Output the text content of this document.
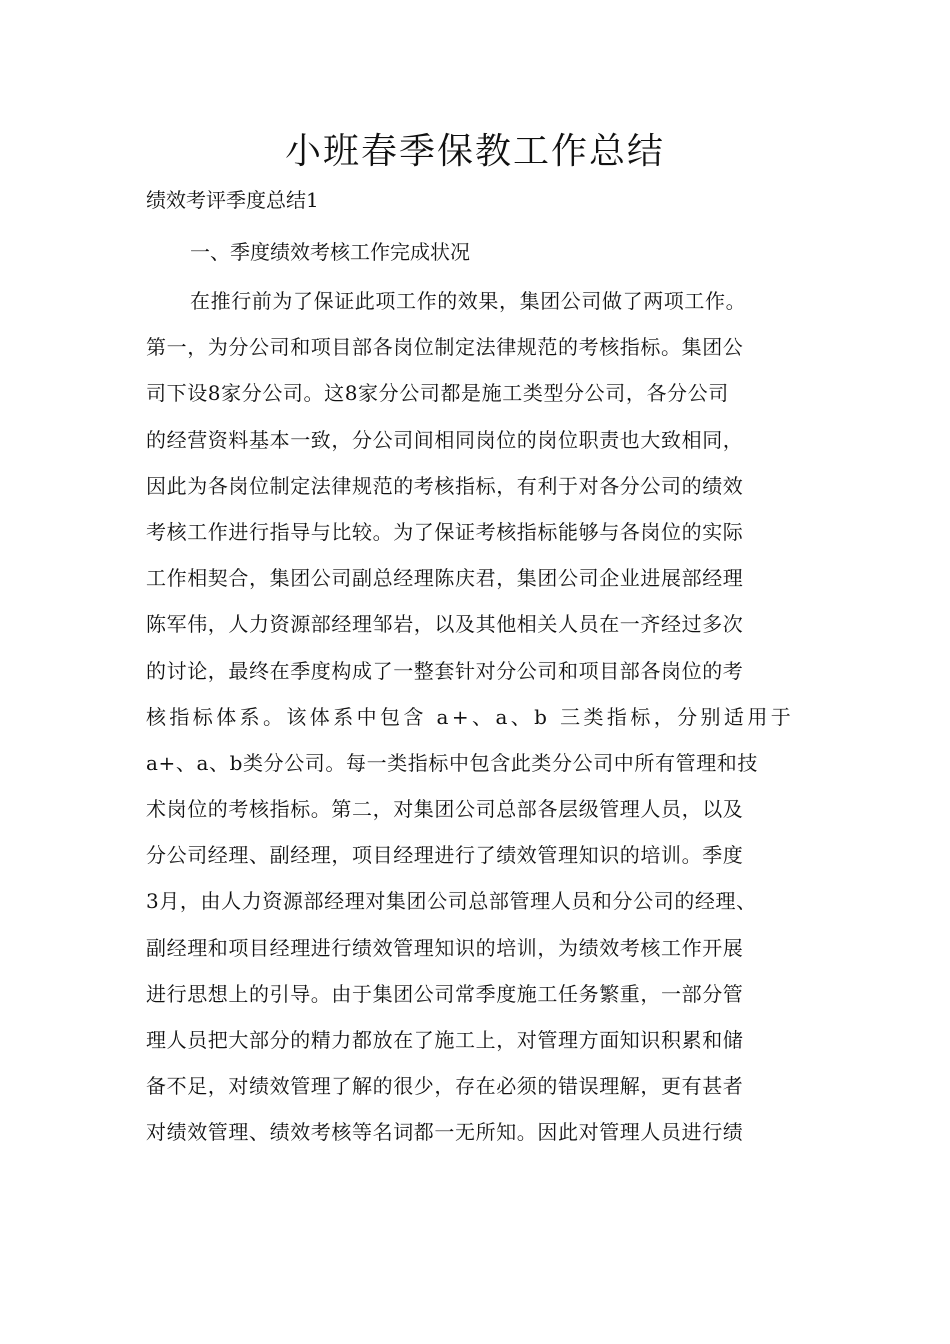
小班春季保教工作总结
绩效考评季度总结1
一、季度绩效考核工作完成状况
在推行前为了保证此项工作的效果，集团公司做了两项工作。
第一，为分公司和项目部各岗位制定法律规范的考核指标。集团公
司下设8家分公司。这8家分公司都是施工类型分公司，各分公司
的经营资料基本一致，分公司间相同岗位的岗位职责也大致相同，
因此为各岗位制定法律规范的考核指标，有利于对各分公司的绩效
考核工作进行指导与比较。为了保证考核指标能够与各岗位的实际
工作相契合，集团公司副总经理陈庆君，集团公司企业进展部经理
陈军伟，人力资源部经理邹岩，以及其他相关人员在一齐经过多次
的讨论，最终在季度构成了一整套针对分公司和项目部各岗位的考
核指标体系。该体系中包含 a+、a、b 三类指标，分别适用于
a+、a、b类分公司。每一类指标中包含此类分公司中所有管理和技
术岗位的考核指标。第二，对集团公司总部各层级管理人员，以及
分公司经理、副经理，项目经理进行了绩效管理知识的培训。季度
3月，由人力资源部经理对集团公司总部管理人员和分公司的经理、
副经理和项目经理进行绩效管理知识的培训，为绩效考核工作开展
进行思想上的引导。由于集团公司常季度施工任务繁重，一部分管
理人员把大部分的精力都放在了施工上，对管理方面知识积累和储
备不足，对绩效管理了解的很少，存在必须的错误理解，更有甚者
对绩效管理、绩效考核等名词都一无所知。因此对管理人员进行绩
